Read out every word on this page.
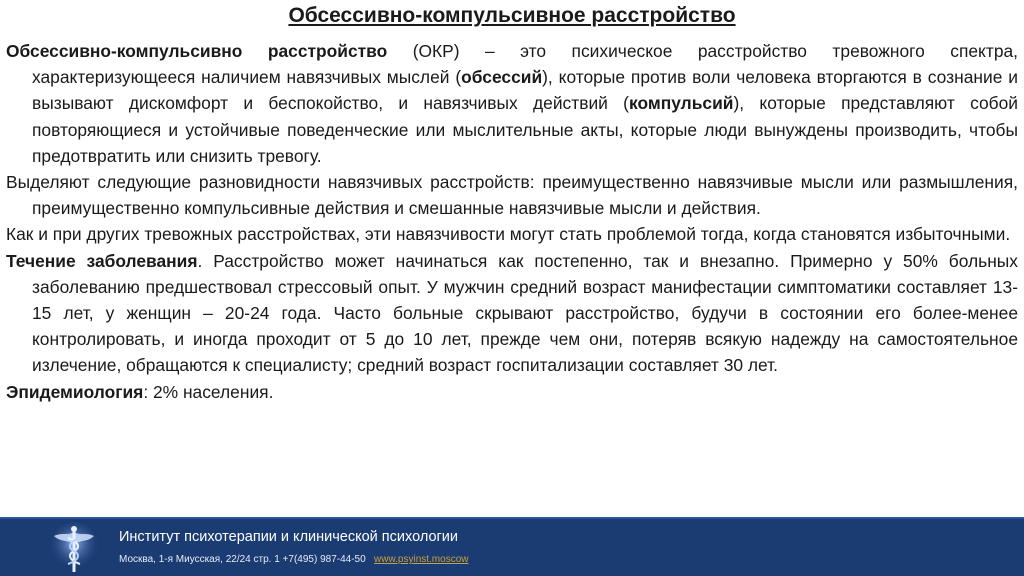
Обсессивно-компульсивное расстройство

Обсессивно-компульсивно расстройство (ОКР) – это психическое расстройство тревожного спектра, характеризующееся наличием навязчивых мыслей (обсессий), которые против воли человека вторгаются в сознание и вызывают дискомфорт и беспокойство, и навязчивых действий (компульсий), которые представляют собой повторяющиеся и устойчивые поведенческие или мыслительные акты, которые люди вынуждены производить, чтобы предотвратить или снизить тревогу.

Выделяют следующие разновидности навязчивых расстройств: преимущественно навязчивые мысли или размышления, преимущественно компульсивные действия и смешанные навязчивые мысли и действия.

Как и при других тревожных расстройствах, эти навязчивости могут стать проблемой тогда, когда становятся избыточными.

Течение заболевания. Расстройство может начинаться как постепенно, так и внезапно. Примерно у 50% больных заболеванию предшествовал стрессовый опыт. У мужчин средний возраст манифестации симптоматики составляет 13-15 лет, у женщин – 20-24 года. Часто больные скрывают расстройство, будучи в состоянии его более-менее контролировать, и иногда проходит от 5 до 10 лет, прежде чем они, потеряв всякую надежду на самостоятельное излечение, обращаются к специалисту; средний возраст госпитализации составляет 30 лет.

Эпидемиология: 2% населения.

Институт психотерапии и клинической психологии
Москва, 1-я Миусская, 22/24 стр. 1 +7(495) 987-44-50 www.psyinst.moscow
